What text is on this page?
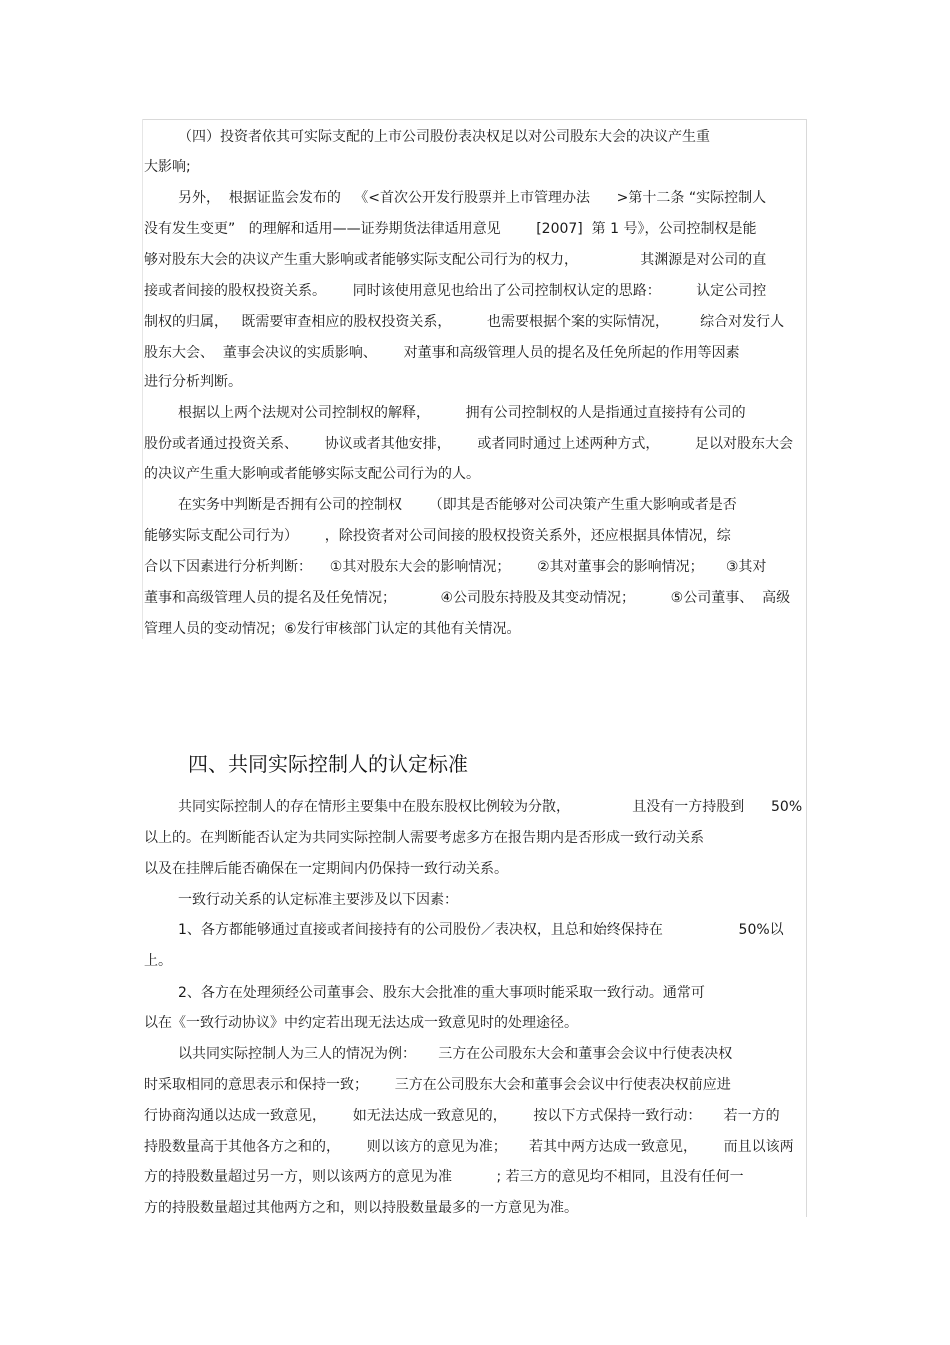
（四）投资者依其可实际支配的上市公司股份表决权足以对公司股东大会的决议产生重
大影响;
另外，  根据证监会发布的   《<首次公开发行股票并上市管理办法      >第十二条 “实际控制人
没有发生变更”   的理解和适用——证券期货法律适用意见        [2007]  第 1 号》，公司控制权是能
够对股东大会的决议产生重大影响或者能够实际支配公司行为的权力，              其渊源是对公司的直
接或者间接的股权投资关系。      同时该使用意见也给出了公司控制权认定的思路：        认定公司控
制权的归属，   既需要审查相应的股权投资关系，        也需要根据个案的实际情况，       综合对发行人
股东大会、  董事会决议的实质影响、      对董事和高级管理人员的提名及任免所起的作用等因素
进行分析判断。
根据以上两个法规对公司控制权的解释，        拥有公司控制权的人是指通过直接持有公司的
股份或者通过投资关系、      协议或者其他安排，      或者同时通过上述两种方式，        足以对股东大会
的决议产生重大影响或者能够实际支配公司行为的人。
在实务中判断是否拥有公司的控制权      （即其是否能够对公司决策产生重大影响或者是否
能够实际支配公司行为）      ，除投资者对公司间接的股权投资关系外，还应根据具体情况，综
合以下因素进行分析判断：    ①其对股东大会的影响情况；      ②其对董事会的影响情况；     ③其对
董事和高级管理人员的提名及任免情况；          ④公司股东持股及其变动情况；        ⑤公司董事、  高级
管理人员的变动情况；⑥发行审核部门认定的其他有关情况。
四、共同实际控制人的认定标准
共同实际控制人的存在情形主要集中在股东股权比例较为分散，              且没有一方持股到      50%
以上的。在判断能否认定为共同实际控制人需要考虑多方在报告期内是否形成一致行动关系
以及在挂牌后能否确保在一定期间内仍保持一致行动关系。
一致行动关系的认定标准主要涉及以下因素：
1、各方都能够通过直接或者间接持有的公司股份／表决权，且总和始终保持在                 50%以
上。
2、各方在处理须经公司董事会、股东大会批准的重大事项时能采取一致行动。通常可
以在《一致行动协议》中约定若出现无法达成一致意见时的处理途径。
以共同实际控制人为三人的情况为例：     三方在公司股东大会和董事会会议中行使表决权
时采取相同的意思表示和保持一致；      三方在公司股东大会和董事会会议中行使表决权前应进
行协商沟通以达成一致意见，      如无法达成一致意见的，      按以下方式保持一致行动：     若一方的
持股数量高于其他各方之和的，      则以该方的意见为准；     若其中两方达成一致意见，      而且以该两
方的持股数量超过另一方，则以该两方的意见为准          ; 若三方的意见均不相同，且没有任何一
方的持股数量超过其他两方之和，则以持股数量最多的一方意见为准。
